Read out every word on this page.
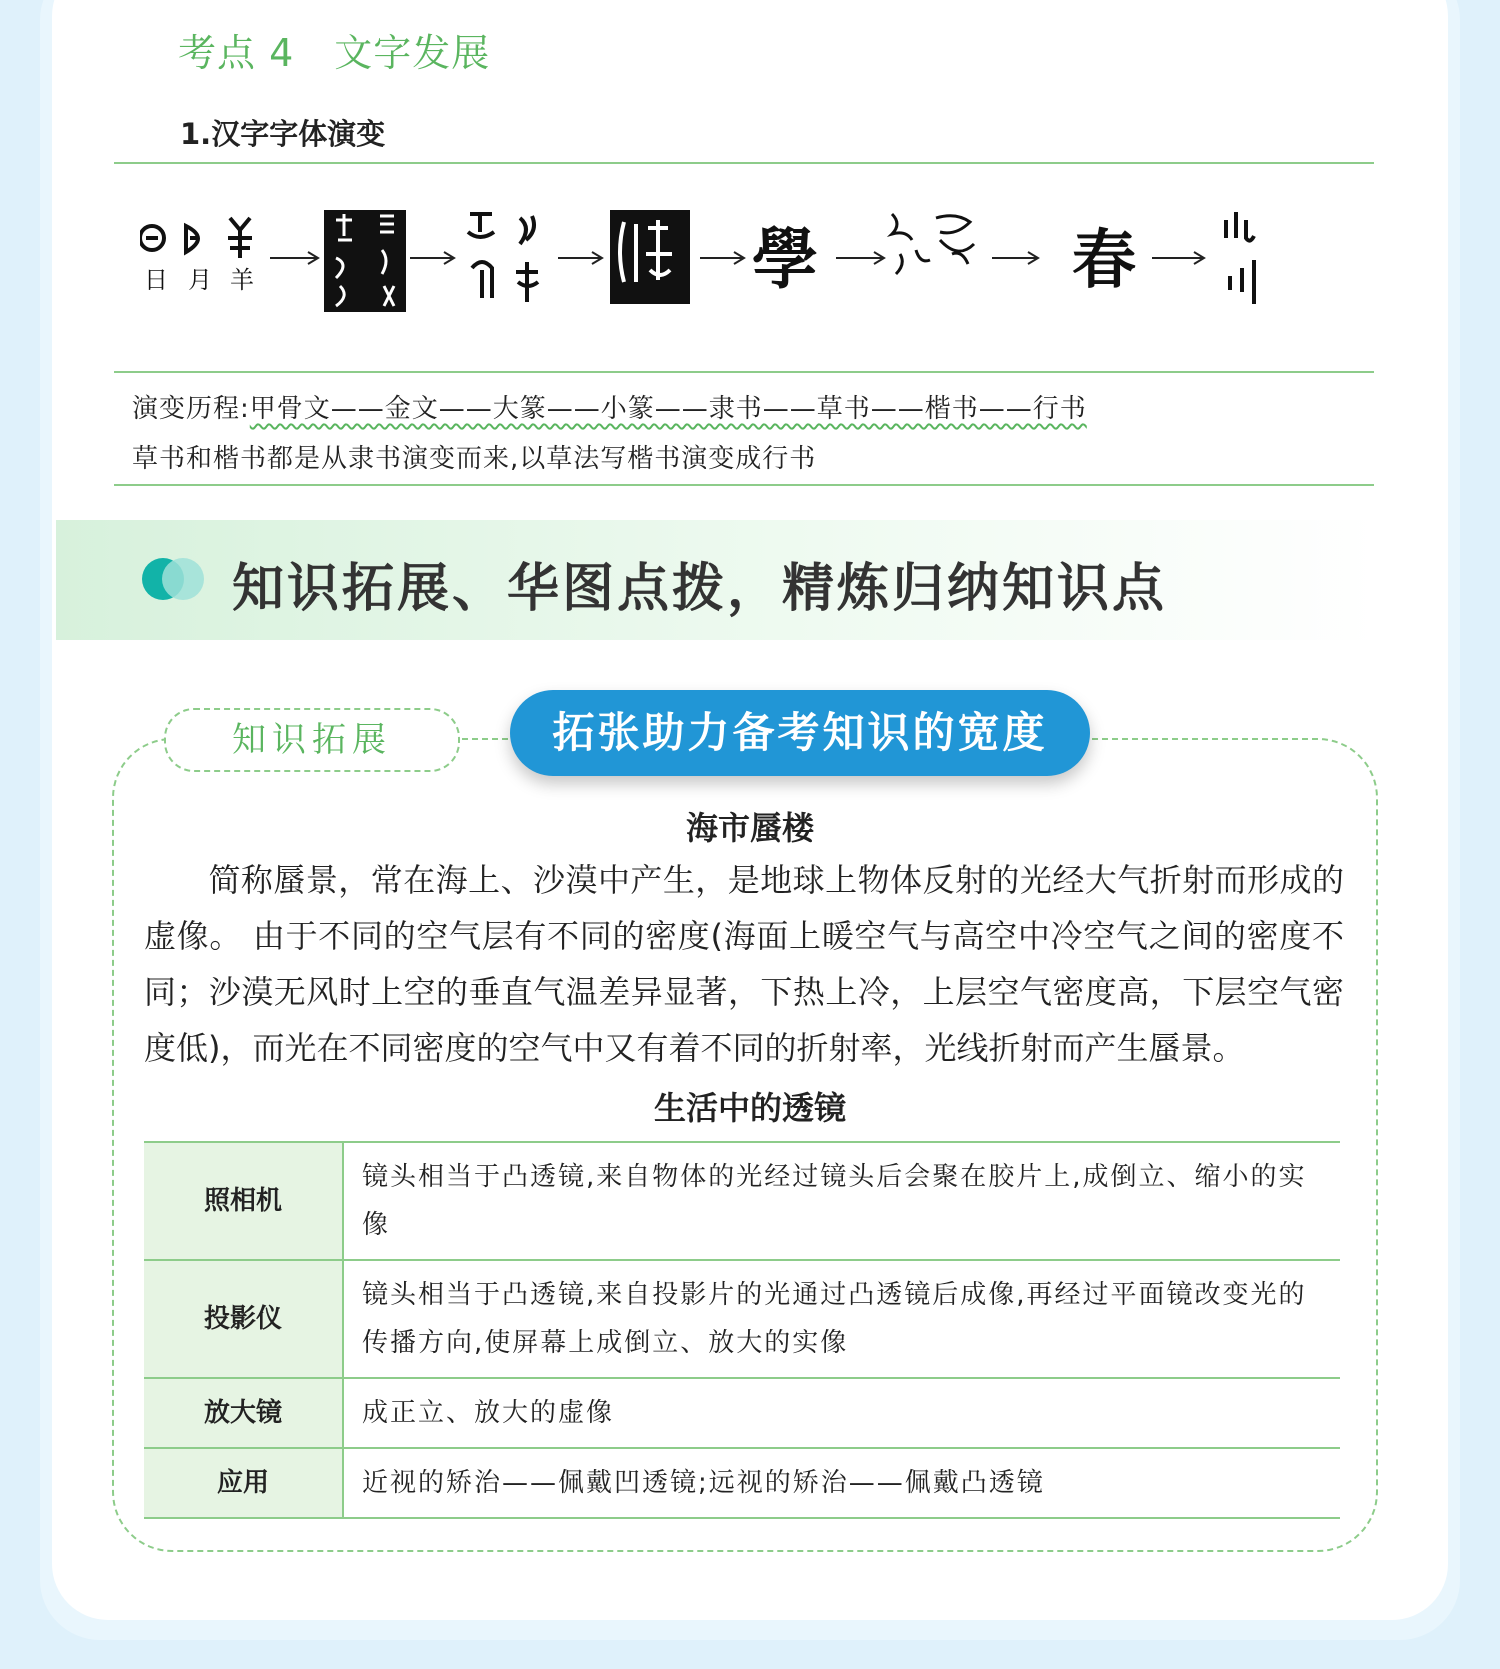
考点 4 文字发展
1.汉字字体演变
日 月 羊	學	春
演变历程:甲骨文——金文——大篆——小篆——隶书——草书——楷书——行书
草书和楷书都是从隶书演变而来,以草法写楷书演变成行书
知识拓展、华图点拨，精炼归纳知识点
知识拓展	拓张助力备考知识的宽度
海市蜃楼
简称蜃景，常在海上、沙漠中产生，是地球上物体反射的光经大气折射而形成的虚像。 由于不同的空气层有不同的密度(海面上暖空气与高空中冷空气之间的密度不同；沙漠无风时上空的垂直气温差异显著，下热上冷，上层空气密度高，下层空气密度低)，而光在不同密度的空气中又有着不同的折射率，光线折射而产生蜃景。
生活中的透镜
照相机	镜头相当于凸透镜,来自物体的光经过镜头后会聚在胶片上,成倒立、缩小的实像
投影仪	镜头相当于凸透镜,来自投影片的光通过凸透镜后成像,再经过平面镜改变光的传播方向,使屏幕上成倒立、放大的实像
放大镜	成正立、放大的虚像
应用	近视的矫治——佩戴凹透镜;远视的矫治——佩戴凸透镜
